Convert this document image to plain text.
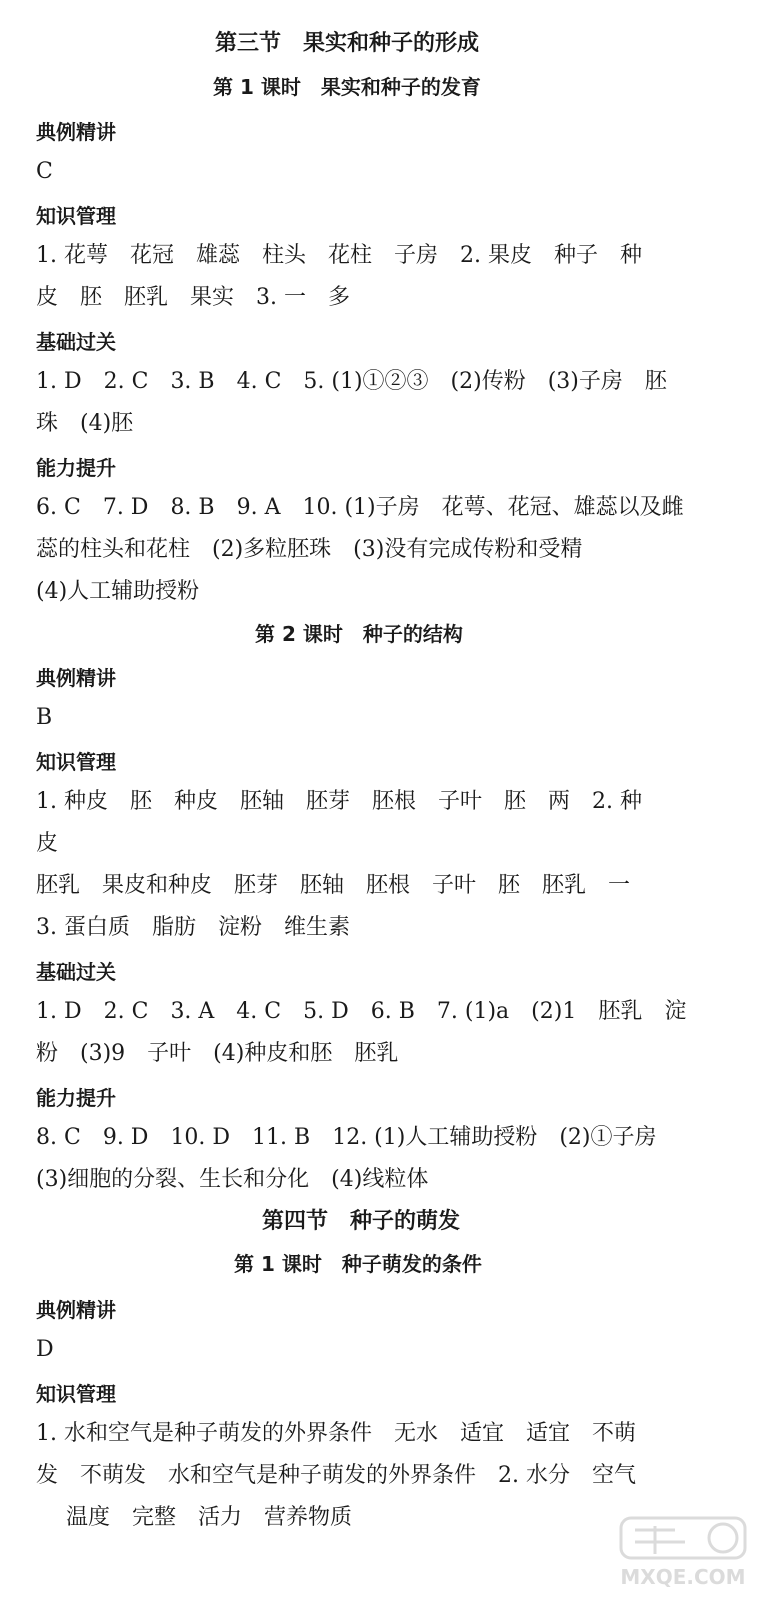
第三节　果实和种子的形成
第 1 课时　果实和种子的发育
典例精讲
C
知识管理
1. 花萼　花冠　雄蕊　柱头　花柱　子房　2. 果皮　种子　种
皮　胚　胚乳　果实　3. 一　多
基础过关
1. D　2. C　3. B　4. C　5. (1)①②③　(2)传粉　(3)子房　胚
珠　(4)胚
能力提升
6. C　7. D　8. B　9. A　10. (1)子房　花萼、花冠、雄蕊以及雌
蕊的柱头和花柱　(2)多粒胚珠　(3)没有完成传粉和受精
(4)人工辅助授粉
第 2 课时　种子的结构
典例精讲
B
知识管理
1. 种皮　胚　种皮　胚轴　胚芽　胚根　子叶　胚　两　2. 种
皮
胚乳　果皮和种皮　胚芽　胚轴　胚根　子叶　胚　胚乳　一
3. 蛋白质　脂肪　淀粉　维生素
基础过关
1. D　2. C　3. A　4. C　5. D　6. B　7. (1)a　(2)1　胚乳　淀
粉　(3)9　子叶　(4)种皮和胚　胚乳
能力提升
8. C　9. D　10. D　11. B　12. (1)人工辅助授粉　(2)①子房
(3)细胞的分裂、生长和分化　(4)线粒体
第四节　种子的萌发
第 1 课时　种子萌发的条件
典例精讲
D
知识管理
1. 水和空气是种子萌发的外界条件　无水　适宜　适宜　不萌
发　不萌发　水和空气是种子萌发的外界条件　2. 水分　空气
温度　完整　活力　营养物质
MXQE.COM
